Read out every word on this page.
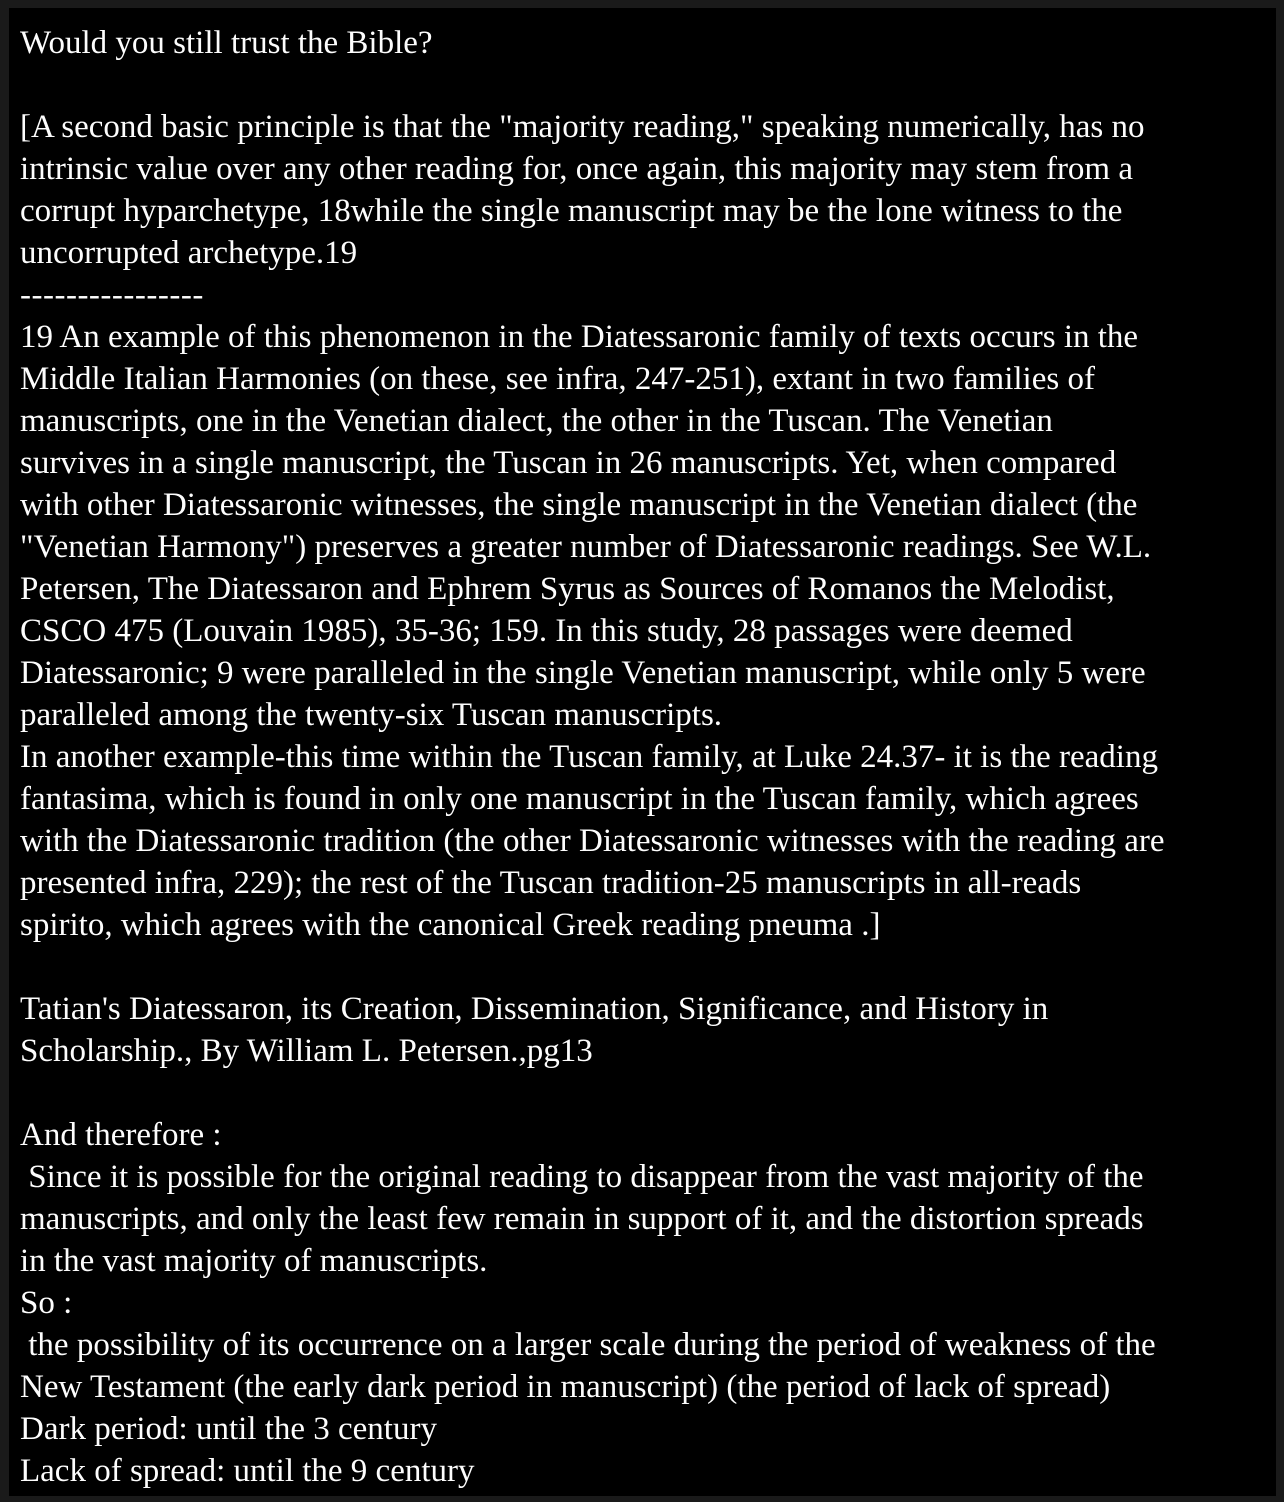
Would you still trust the Bible?
[A second basic principle is that the "majority reading," speaking numerically, has no
intrinsic value over any other reading for, once again, this majority may stem from a
corrupt hyparchetype, 18while the single manuscript may be the lone witness to the
uncorrupted archetype.19
----------------
19 An example of this phenomenon in the Diatessaronic family of texts occurs in the
Middle Italian Harmonies (on these, see infra, 247-251), extant in two families of
manuscripts, one in the Venetian dialect, the other in the Tuscan. The Venetian
survives in a single manuscript, the Tuscan in 26 manuscripts. Yet, when compared
with other Diatessaronic witnesses, the single manuscript in the Venetian dialect (the
"Venetian Harmony") preserves a greater number of Diatessaronic readings. See W.L.
Petersen, The Diatessaron and Ephrem Syrus as Sources of Romanos the Melodist,
CSCO 475 (Louvain 1985), 35-36; 159. In this study, 28 passages were deemed
Diatessaronic; 9 were paralleled in the single Venetian manuscript, while only 5 were
paralleled among the twenty-six Tuscan manuscripts.
In another example-this time within the Tuscan family, at Luke 24.37- it is the reading
fantasima, which is found in only one manuscript in the Tuscan family, which agrees
with the Diatessaronic tradition (the other Diatessaronic witnesses with the reading are
presented infra, 229); the rest of the Tuscan tradition-25 manuscripts in all-reads
spirito, which agrees with the canonical Greek reading pneuma .]
Tatian's Diatessaron, its Creation, Dissemination, Significance, and History in
Scholarship., By William L. Petersen.,pg13
And therefore :
Since it is possible for the original reading to disappear from the vast majority of the
manuscripts, and only the least few remain in support of it, and the distortion spreads
in the vast majority of manuscripts.
So :
the possibility of its occurrence on a larger scale during the period of weakness of the
New Testament (the early dark period in manuscript) (the period of lack of spread)
Dark period: until the 3 century
Lack of spread: until the 9 century
